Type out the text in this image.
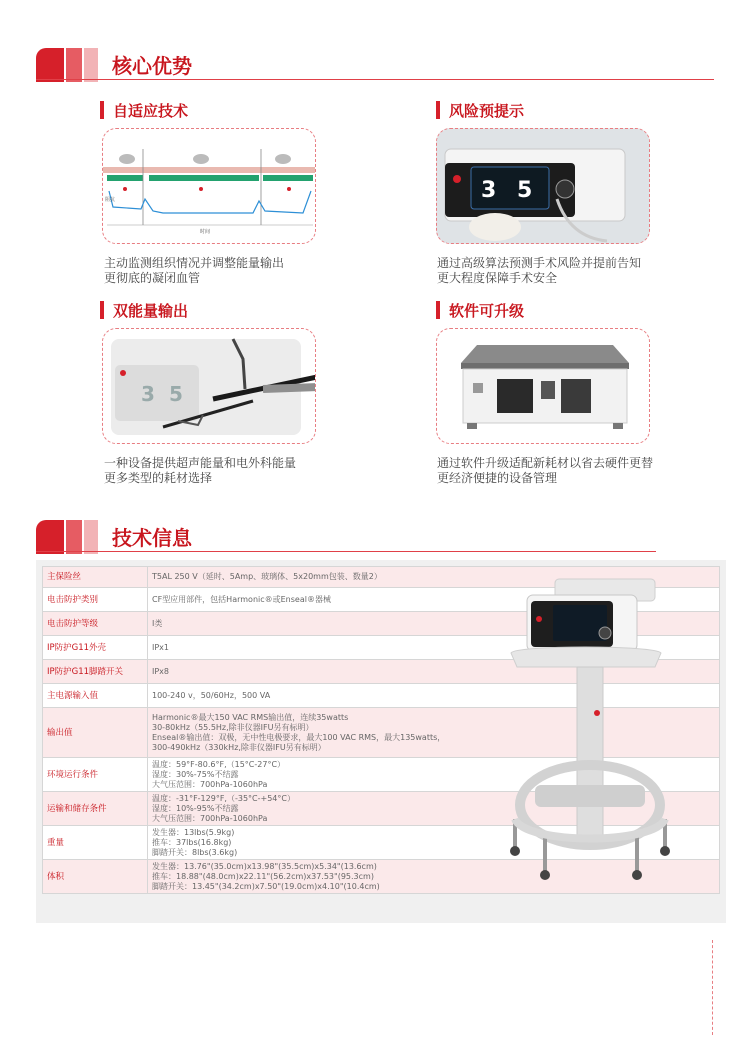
核心优势
自适应技术
时间
阻抗
主动监测组织情况并调整能量输出
更彻底的凝闭血管
风险预提示
3 5
通过高级算法预测手术风险并提前告知
更大程度保障手术安全
双能量输出
3 5
一种设备提供超声能量和电外科能量
更多类型的耗材选择
软件可升级
通过软件升级适配新耗材以省去硬件更替
更经济便捷的设备管理
技术信息
主保险丝	T5AL 250 V（延时、5Amp、玻璃体、5x20mm包装、数量2）

电击防护类别	CF型应用部件，包括Harmonic®或Enseal®器械

电击防护等级	I类

IP防护G11外壳	IPx1

IP防护G11脚踏开关	IPx8

主电源输入值	100-240 v，50/60Hz，500 VA

输出值	Harmonic®最大150 VAC RMS输出值，连续35watts
30-80kHz（55.5Hz,除非仪器IFU另有标明）
Enseal®输出值：双极，无中性电极要求，最大100 VAC RMS，最大135watts，
300-490kHz（330kHz,除非仪器IFU另有标明）

环境运行条件	温度：59°F-80.6°F,（15°C-27°C）
湿度：30%-75%不结露
大气压范围：700hPa-1060hPa

运输和储存条件	温度：-31°F-129°F,（-35°C-+54°C）
湿度：10%-95%不结露
大气压范围：700hPa-1060hPa

重量	发生器：13lbs(5.9kg)
推车：37lbs(16.8kg)
脚踏开关：8lbs(3.6kg)

体积	发生器：13.76"(35.0cm)x13.98"(35.5cm)x5.34"(13.6cm)
推车：18.88"(48.0cm)x22.11"(56.2cm)x37.53"(95.3cm)
脚踏开关：13.45"(34.2cm)x7.50"(19.0cm)x4.10"(10.4cm)
